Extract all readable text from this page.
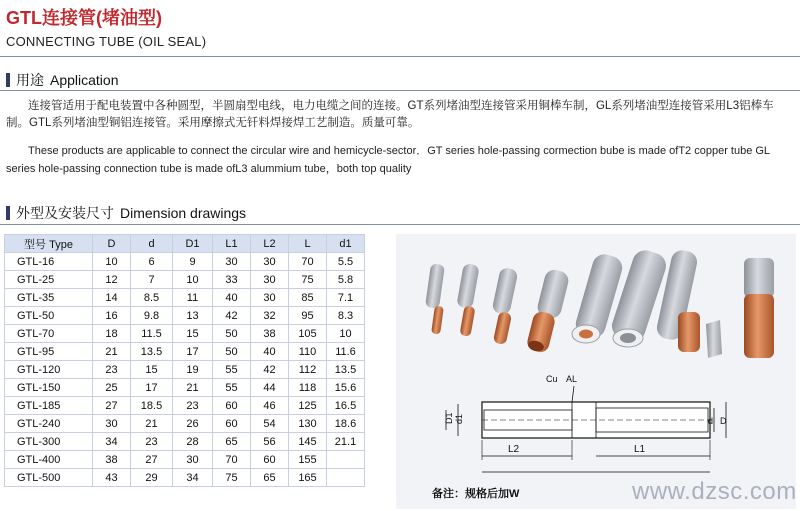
GTL连接管(堵油型)
CONNECTING TUBE (OIL SEAL)
用途 Application
连接管适用于配电装置中各种圆型，半圆扇型电线，电力电缆之间的连接。GT系列堵油型连接管采用铜棒车制，GL系列堵油型连接管采用L3铝棒车制。GTL系列堵油型铜铝连接管。采用摩擦式无钎料焊接焊工艺制造。质量可靠。
These products are applicable to connect the circular wire and hemicycle-sector．GT series hole-passing cormection bube is made ofT2 copper tube GL series hole-passing connection tube is made ofL3 alummium tube，both top quality
外型及安装尺寸 Dimension drawings
型号 Type	D	d	D1	L1	L2	L	d1
GTL-16	10	6	9	30	30	70	5.5
GTL-25	12	7	10	33	30	75	5.8
GTL-35	14	8.5	11	40	30	85	7.1
GTL-50	16	9.8	13	42	32	95	8.3
GTL-70	18	11.5	15	50	38	105	10
GTL-95	21	13.5	17	50	40	110	11.6
GTL-120	23	15	19	55	42	112	13.5
GTL-150	25	17	21	55	44	118	15.6
GTL-185	27	18.5	23	60	46	125	16.5
GTL-240	30	21	26	60	54	130	18.6
GTL-300	34	23	28	65	56	145	21.1
GTL-400	38	27	30	70	60	155	
GTL-500	43	29	34	75	65	165	
Cu AL
D1 d1	d D
L2	L1
备注：规格后加W	www.dzsc.com
